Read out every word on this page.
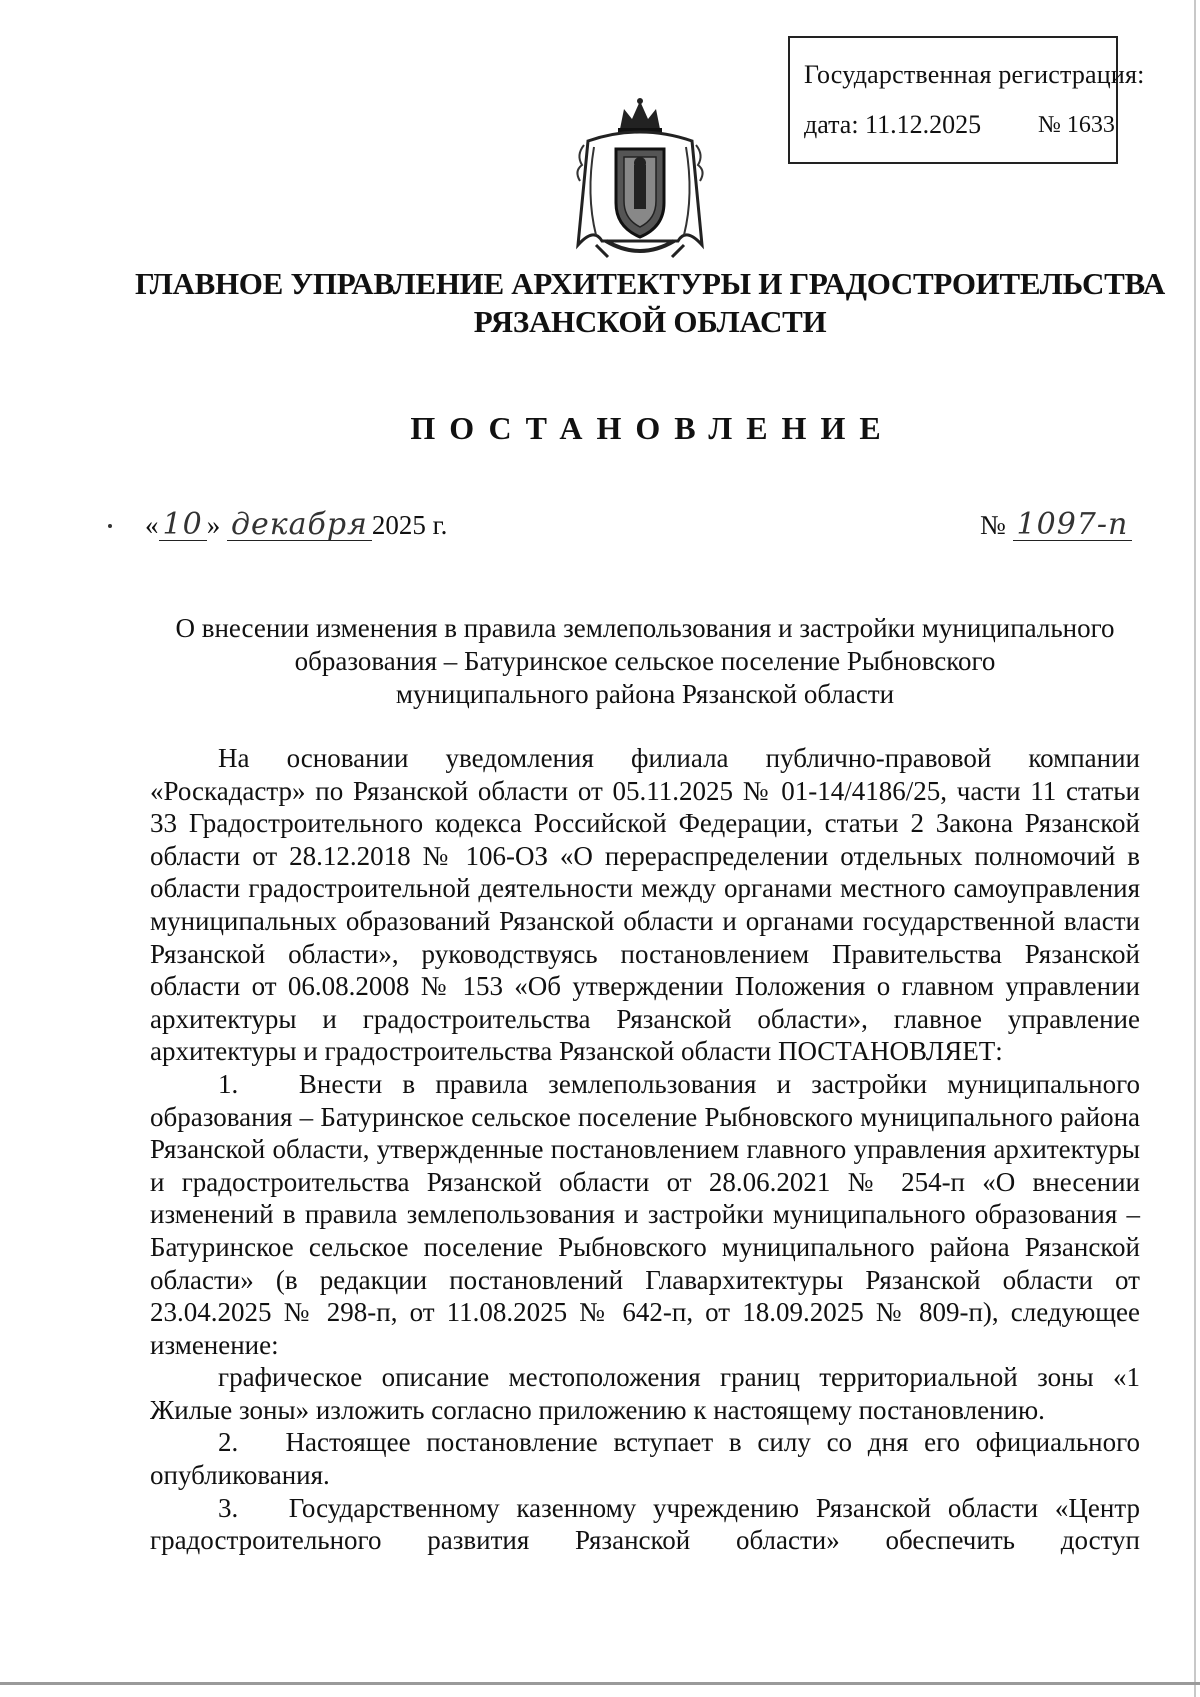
Государственная регистрация:
дата: 11.12.2025 № 1633
ГЛАВНОЕ УПРАВЛЕНИЕ АРХИТЕКТУРЫ И ГРАДОСТРОИТЕЛЬСТВА
РЯЗАНСКОЙ ОБЛАСТИ
ПОСТАНОВЛЕНИЕ
« 10 » декабря 2025 г.	№ 1097-п
О внесении изменения в правила землепользования и застройки муниципального
образования – Батуринское сельское поселение Рыбновского
муниципального района Рязанской области

На основании уведомления филиала публично-правовой компании «Роскадастр» по Рязанской области от 05.11.2025 № 01-14/4186/25, части 11 статьи 33 Градостроительного кодекса Российской Федерации, статьи 2 Закона Рязанской области от 28.12.2018 № 106-ОЗ «О перераспределении отдельных полномочий в области градостроительной деятельности между органами местного самоуправления муниципальных образований Рязанской области и органами государственной власти Рязанской области», руководствуясь постановлением Правительства Рязанской области от 06.08.2008 № 153 «Об утверждении Положения о главном управлении архитектуры и градостроительства Рязанской области», главное управление архитектуры и градостроительства Рязанской области ПОСТАНОВЛЯЕТ:

1.   Внести в правила землепользования и застройки муниципального образования – Батуринское сельское поселение Рыбновского муниципального района Рязанской области, утвержденные постановлением главного управления архитектуры и градостроительства Рязанской области от 28.06.2021 № 254-п «О внесении изменений в правила землепользования и застройки муниципального образования – Батуринское сельское поселение Рыбновского муниципального района Рязанской области» (в редакции постановлений Главархитектуры Рязанской области от 23.04.2025 № 298-п, от 11.08.2025 № 642-п, от 18.09.2025 № 809-п), следующее изменение:

графическое описание местоположения границ территориальной зоны «1 Жилые зоны» изложить согласно приложению к настоящему постановлению.

2.   Настоящее постановление вступает в силу со дня его официального опубликования.

3.   Государственному казенному учреждению Рязанской области «Центр градостроительного развития Рязанской области» обеспечить доступ
